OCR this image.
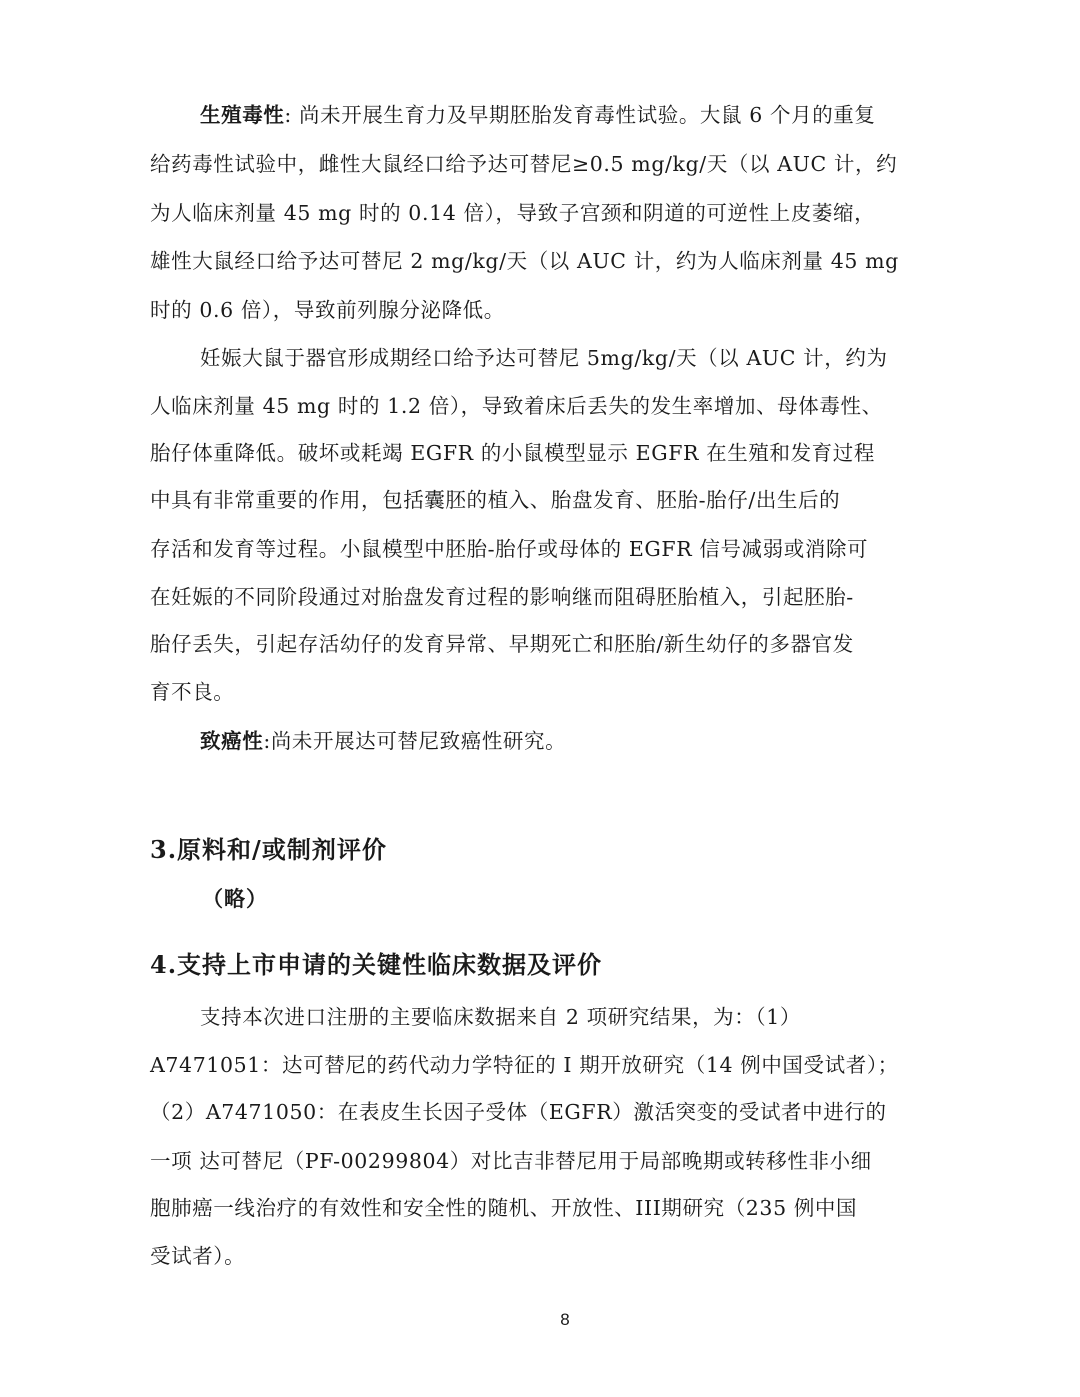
生殖毒性: 尚未开展生育力及早期胚胎发育毒性试验。大鼠 6 个月的重复
给药毒性试验中，雌性大鼠经口给予达可替尼≥0.5 mg/kg/天（以 AUC 计，约
为人临床剂量 45 mg 时的 0.14 倍），导致子宫颈和阴道的可逆性上皮萎缩，
雄性大鼠经口给予达可替尼 2 mg/kg/天（以 AUC 计，约为人临床剂量 45 mg
时的 0.6 倍），导致前列腺分泌降低。
妊娠大鼠于器官形成期经口给予达可替尼 5mg/kg/天（以 AUC 计，约为
人临床剂量 45 mg 时的 1.2 倍），导致着床后丢失的发生率增加、母体毒性、
胎仔体重降低。破坏或耗竭 EGFR 的小鼠模型显示 EGFR 在生殖和发育过程
中具有非常重要的作用，包括囊胚的植入、胎盘发育、胚胎-胎仔/出生后的
存活和发育等过程。小鼠模型中胚胎-胎仔或母体的 EGFR 信号减弱或消除可
在妊娠的不同阶段通过对胎盘发育过程的影响继而阻碍胚胎植入，引起胚胎-
胎仔丢失，引起存活幼仔的发育异常、早期死亡和胚胎/新生幼仔的多器官发
育不良。
致癌性:尚未开展达可替尼致癌性研究。
3.原料和/或制剂评价
（略）
4.支持上市申请的关键性临床数据及评价
支持本次进口注册的主要临床数据来自 2 项研究结果，为：（1）
A7471051：达可替尼的药代动力学特征的 I 期开放研究（14 例中国受试者）；
（2）A7471050：在表皮生长因子受体（EGFR）激活突变的受试者中进行的
一项 达可替尼（PF-00299804）对比吉非替尼用于局部晚期或转移性非小细
胞肺癌一线治疗的有效性和安全性的随机、开放性、III期研究（235 例中国
受试者）。
8
